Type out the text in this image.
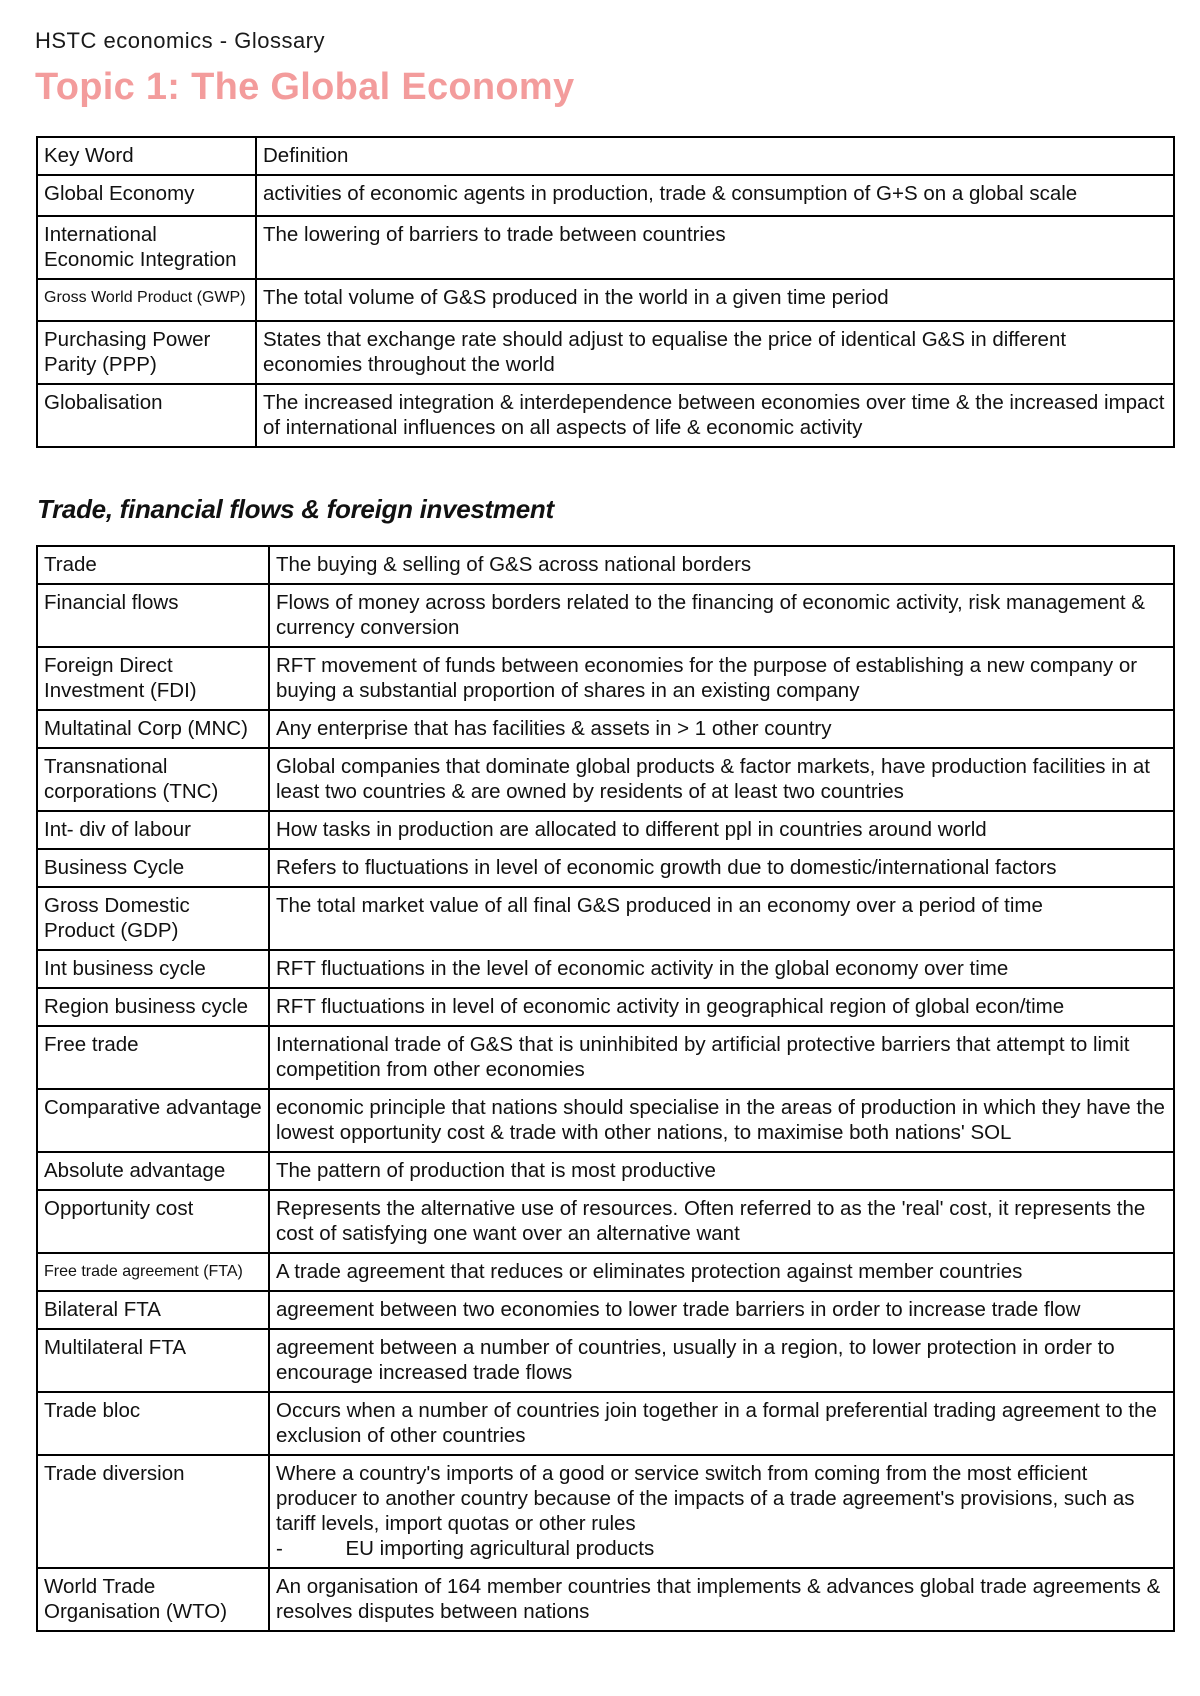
HSTC economics - Glossary
Topic 1: The Global Economy
Key Word	Definition
Global Economy	activities of economic agents in production, trade & consumption of G+S on a global scale
International Economic Integration	The lowering of barriers to trade between countries
Gross World Product (GWP)	The total volume of G&S produced in the world in a given time period
Purchasing Power Parity (PPP)	States that exchange rate should adjust to equalise the price of identical G&S in different economies throughout the world
Globalisation	The increased integration & interdependence between economies over time & the increased impact of international influences on all aspects of life & economic activity
Trade, financial flows & foreign investment
Trade	The buying & selling of G&S across national borders
Financial flows	Flows of money across borders related to the financing of economic activity, risk management & currency conversion
Foreign Direct Investment (FDI)	RFT movement of funds between economies for the purpose of establishing a new company or buying a substantial proportion of shares in an existing company
Multatinal Corp (MNC)	Any enterprise that has facilities & assets in > 1 other country
Transnational corporations (TNC)	Global companies that dominate global products & factor markets, have production facilities in at least two countries & are owned by residents of at least two countries
Int- div of labour	How tasks in production are allocated to different ppl in countries around world
Business Cycle	Refers to fluctuations in level of economic growth due to domestic/international factors
Gross Domestic Product (GDP)	The total market value of all final G&S produced in an economy over a period of time
Int business cycle	RFT fluctuations in the level of economic activity in the global economy over time
Region business cycle	RFT fluctuations in level of economic activity in geographical region of global econ/time
Free trade	International trade of G&S that is uninhibited by artificial protective barriers that attempt to limit competition from other economies
Comparative advantage	economic principle that nations should specialise in the areas of production in which they have the lowest opportunity cost & trade with other nations, to maximise both nations' SOL
Absolute advantage	The pattern of production that is most productive
Opportunity cost	Represents the alternative use of resources. Often referred to as the 'real' cost, it represents the cost of satisfying one want over an alternative want
Free trade agreement (FTA)	A trade agreement that reduces or eliminates protection against member countries
Bilateral FTA	agreement between two economies to lower trade barriers in order to increase trade flow
Multilateral FTA	agreement between a number of countries, usually in a region, to lower protection in order to encourage increased trade flows
Trade bloc	Occurs when a number of countries join together in a formal preferential trading agreement to the exclusion of other countries
Trade diversion	Where a country's imports of a good or service switch from coming from the most efficient producer to another country because of the impacts of a trade agreement's provisions, such as tariff levels, import quotas or other rules
-           EU importing agricultural products

World Trade Organisation (WTO)	An organisation of 164 member countries that implements & advances global trade agreements & resolves disputes between nations
